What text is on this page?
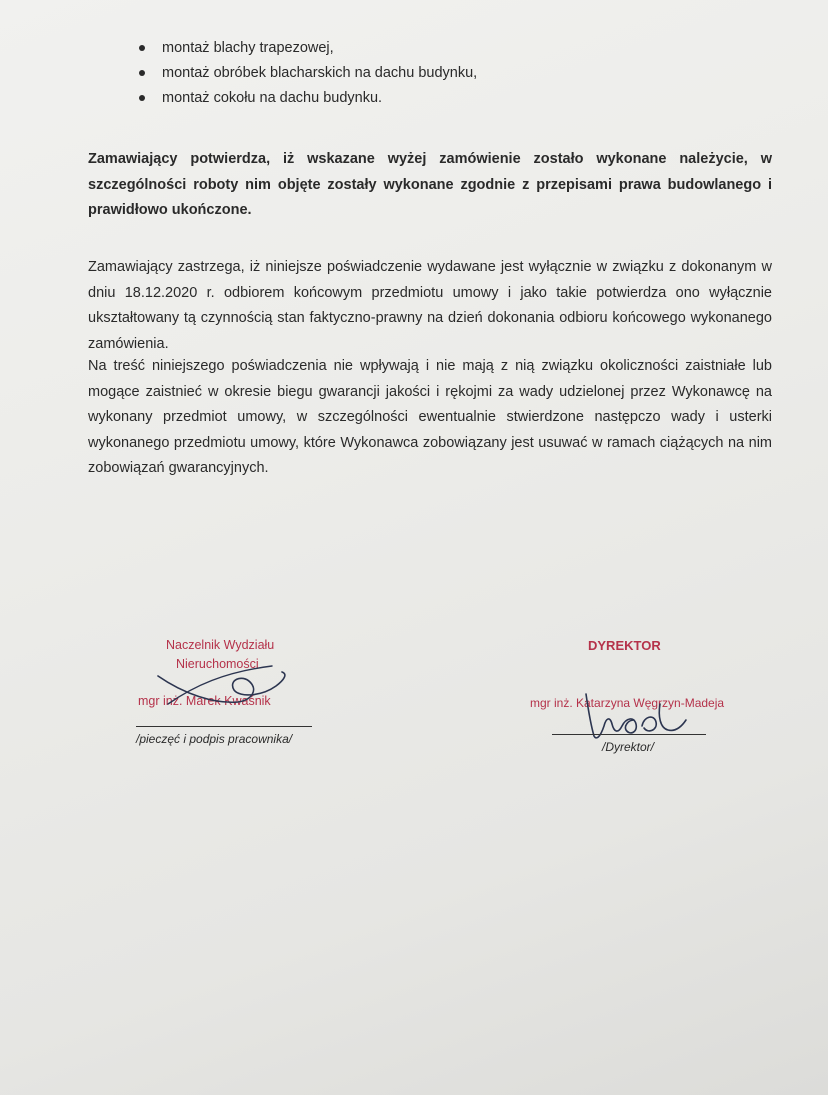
montaż blachy trapezowej,
montaż obróbek blacharskich na dachu budynku,
montaż cokołu na dachu budynku.

Zamawiający potwierdza, iż wskazane wyżej zamówienie zostało wykonane należycie, w szczególności roboty nim objęte zostały wykonane zgodnie z przepisami prawa budowlanego i prawidłowo ukończone.

Zamawiający zastrzega, iż niniejsze poświadczenie wydawane jest wyłącznie w związku z dokonanym w dniu 18.12.2020 r. odbiorem końcowym przedmiotu umowy i jako takie potwierdza ono wyłącznie ukształtowany tą czynnością stan faktyczno-prawny na dzień dokonania odbioru końcowego wykonanego zamówienia.

Na treść niniejszego poświadczenia nie wpływają i nie mają z nią związku okoliczności zaistniałe lub mogące zaistnieć w okresie biegu gwarancji jakości i rękojmi za wady udzielonej przez Wykonawcę na wykonany przedmiot umowy, w szczególności ewentualnie stwierdzone następczo wady i usterki wykonanego przedmiotu umowy, które Wykonawca zobowiązany jest usuwać w ramach ciążących na nim zobowiązań gwarancyjnych.

Naczelnik Wydziału
Nieruchomości
mgr inż. Marek Kwaśnik
/pieczęć i podpis pracownika/
DYREKTOR
mgr inż. Katarzyna Węgrzyn-Madeja
/Dyrektor/
